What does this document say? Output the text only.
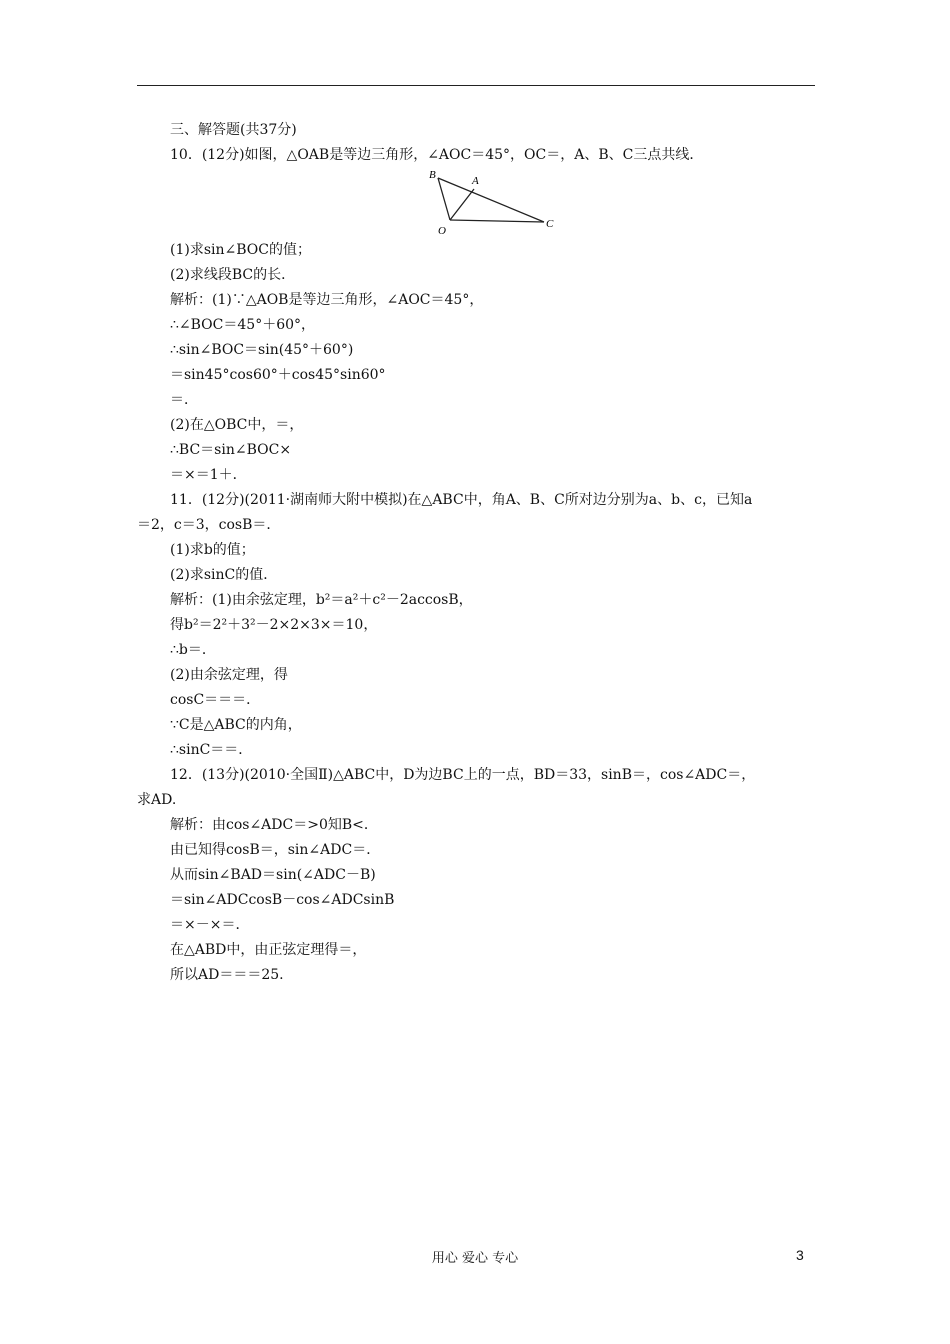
三、解答题(共37分)
10．(12分)如图，△OAB是等边三角形，∠AOC＝45°，OC＝，A、B、C三点共线．
B	A
O
C
(1)求sin∠BOC的值；
(2)求线段BC的长．
解析：(1)∵△AOB是等边三角形，∠AOC＝45°，
∴∠BOC＝45°＋60°，
∴sin∠BOC＝sin(45°＋60°)
＝sin45°cos60°＋cos45°sin60°
＝．
(2)在△OBC中，＝，
∴BC＝sin∠BOC×
＝×＝1＋．
11．(12分)(2011·湖南师大附中模拟)在△ABC中，角A、B、C所对边分别为a、b、c，已知a
＝2，c＝3，cosB＝．
(1)求b的值；
(2)求sinC的值．
解析：(1)由余弦定理，b²＝a²＋c²－2accosB，
得b²＝2²＋3²－2×2×3×＝10，
∴b＝．
(2)由余弦定理，得
cosC＝＝＝．
∵C是△ABC的内角，
∴sinC＝＝．
12．(13分)(2010·全国Ⅱ)△ABC中，D为边BC上的一点，BD＝33，sinB＝，cos∠ADC＝，
求AD.
解析：由cos∠ADC＝>0知B<．
由已知得cosB＝，sin∠ADC＝．
从而sin∠BAD＝sin(∠ADC－B)
＝sin∠ADCcosB－cos∠ADCsinB
＝×－×＝．
在△ABD中，由正弦定理得＝，
所以AD＝＝＝25.
用心 爱心 专心	3
